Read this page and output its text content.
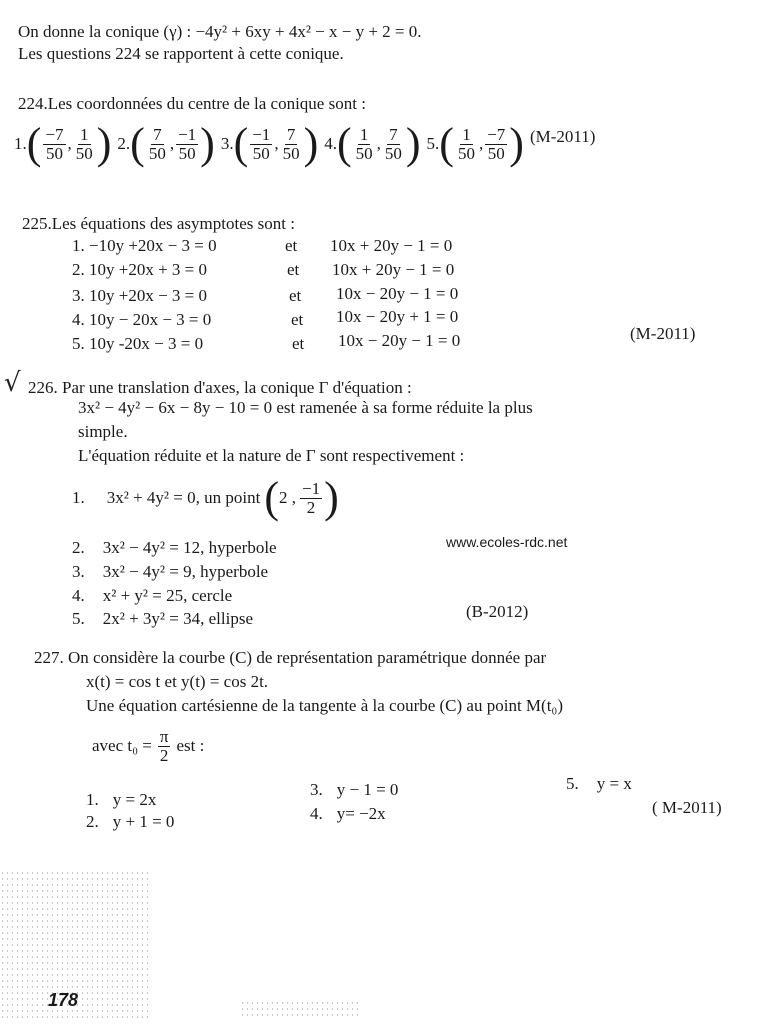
On donne la conique (γ) : −4y² + 6xy + 4x² − x − y + 2 = 0.
Les questions 224 se rapportent à cette conique.
224.Les coordonnées du centre de la conique sont :
1. ( $\frac{-7}{50}$ , $\frac{1}{50}$ ) 2. ( $\frac{7}{50}$ , $\frac{-1}{50}$ ) 3. ( $\frac{-1}{50}$ , $\frac{7}{50}$ ) 4. ( $\frac{1}{50}$ , $\frac{7}{50}$ ) 5. ( $\frac{1}{50}$ , $\frac{-7}{50}$ ) (M-2011)
225.Les équations des asymptotes sont :
1. −10y +20x − 3 = 0	et 10x + 20y − 1 = 0
2. 10y +20x + 3 = 0	et 10x + 20y − 1 = 0
3. 10y +20x − 3 = 0	et 10x − 20y − 1 = 0
4. 10y − 20x − 3 = 0	et 10x − 20y + 1 = 0
5. 10y -20x − 3 = 0	et 10x − 20y − 1 = 0	(M-2011)
√ 226. Par une translation d'axes, la conique Γ d'équation :
3x² − 4y² − 6x − 8y − 10 = 0 est ramenée à sa forme réduite la plus
simple.
L'équation réduite et la nature de Γ sont respectivement :
1. 3x² + 4y² = 0, un point ( 2 , $\frac{-1}{2}$ )
2. 3x² − 4y² = 12, hyperbole
3. 3x² − 4y² = 9, hyperbole
4. x² + y² = 25, cercle
5. 2x² + 3y² = 34, ellipse
www.ecoles-rdc.net
(B-2012)
227. On considère la courbe (C) de représentation paramétrique donnée par
x(t) = cos t et y(t) = cos 2t.
Une équation cartésienne de la tangente à la courbe (C) au point M(t₀)
avec $t_0 = \frac{\pi}{2}$ est :
1. y = 2x
2. y + 1 = 0
3. y − 1 = 0
4. y= −2x
5. y = x
( M-2011)
178
